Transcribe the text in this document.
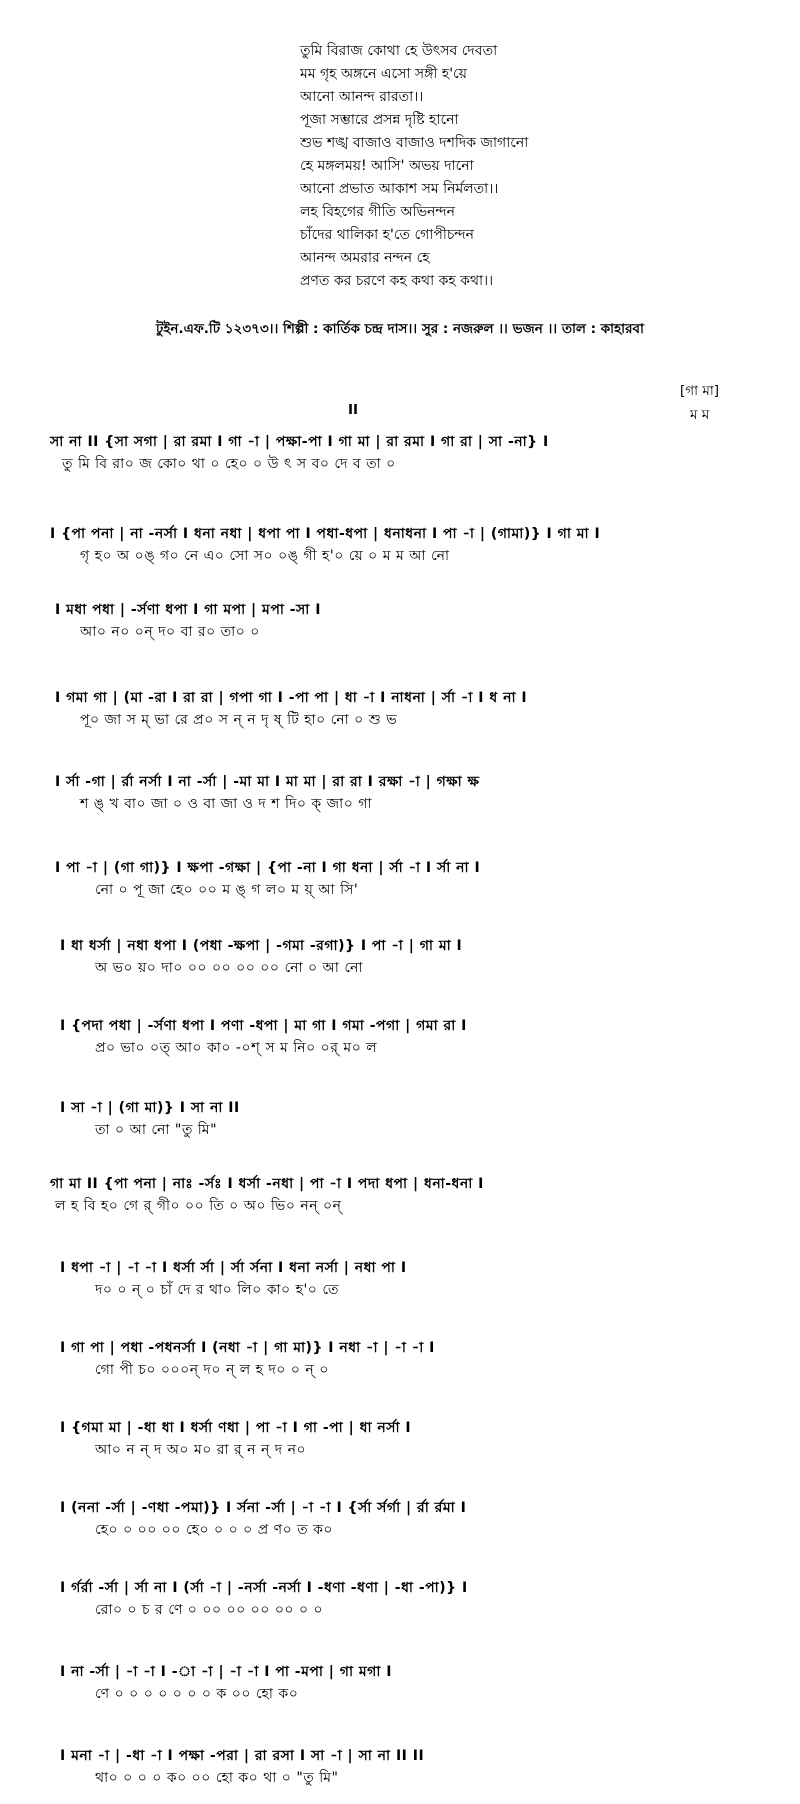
তুমি বিরাজ কোথা হে উৎসব দেবতা
মম গৃহ অঙ্গনে এসো সঙ্গী হ'য়ে
আনো আনন্দ রারতা।।
পূজা সম্ভারে প্রসন্ন দৃষ্টি হানো
শুভ শঙ্খ বাজাও বাজাও দশদিক জাগানো
হে মঙ্গলময়! আসি' অভয় দানো
আনো প্রভাত আকাশ সম নির্মলতা।।
লহ বিহগের গীতি অভিনন্দন
চাঁদের থালিকা হ'তে গোপীচন্দন
আনন্দ অমরার নন্দন হে
প্রণত কর চরণে কহ কথা কহ কথা।।
টুইন.এফ.টি ১২৩৭৩।। শিল্পী : কার্তিক চন্দ্র দাস।। সুর : নজরুল ।। ভজন ।। তাল : কাহারবা
[গা মা]
II	ম ম
সা না II {সা সগা | রা রমা I গা -া | পক্ষা-পা I গা মা | রা রমা I গা রা | সা -না} I
তু মি বি রা০ জ কো০ থা ০ হে০ ০ উ ৎ স ব০ দে ব তা ০
I {পা পনা | না -নর্সা I ধনা নধা | ধপা পা I পধা-ধপা | ধনাধনা I পা -া | (গামা)} I গা মা I
গৃ হ০ অ ০ঙ্ গ০ নে এ০ সো স০ ০ঙ্ গী হ'০ য়ে ০ ম ম আ নো
I মধা পধা | -র্সণা ধপা I গা মপা | মপা -সা I
আ০ ন০ ০ন্ দ০ বা র০ তা০ ০
I গমা গা | (মা -রা I রা রা | গপা গা I -পা পা | ধা -া I নাধনা | র্সা -া I ধ না I
পূ০ জা স ম্ ভা রে প্র০ স ন্ ন দৃ ষ্ টি হা০ নো ০ শু ভ
I র্সা -গা | র্রা নর্সা I না -র্সা | -মা মা I মা মা | রা রা I রক্ষা -া | গক্ষা ক্ষ
শ ঙ্ খ বা০ জা ০ ও বা জা ও দ শ দি০ ক্ জা০ গা
I পা -া | (গা গা)} I ক্ষপা -গক্ষা | {পা -না I গা ধনা | র্সা -া I র্সা না I
নো ০ পূ জা হে০ ০০ ম ঙ্ গ ল০ ম য়্ আ সি'
I ধা ধর্সা | নধা ধপা I (পধা -ক্ষপা | -গমা -রগা)} I পা -া | গা মা I
অ ভ০ য়০ দা০ ০০ ০০ ০০ ০০ নো ০ আ নো
I {পদা পধা | -র্সণা ধপা I পণা -ধপা | মা গা I গমা -পগা | গমা রা I
প্র০ ভা০ ০ত্ আ০ কা০ -০শ্ স ম নি০ ০র্ ম০ ল
I সা -া | (গা মা)} I সা না II
তা ০ আ নো "তু মি"
গা মা II {পা পনা | নাঃ -র্সঃ I ধর্সা -নধা | পা -া I পদা ধপা | ধনা-ধনা I
ল হ বি হ০ গে র্ গী০ ০০ তি ০ অ০ ভি০ নন্ ০ন্
I ধপা -া | -া -া I ধর্সা র্সা | র্সা র্সনা I ধনা নর্সা | নধা পা I
দ০ ০ ন্ ০ চাঁ দে র থা০ লি০ কা০ হ'০ তে
I গা পা | পধা -পধনর্সা I (নধা -া | গা মা)} I নধা -া | -া -া I
গো পী চ০ ০০০ন্ দ০ ন্ ল হ দ০ ০ ন্ ০
I {গমা মা | -ধা ধা I ধর্সা ণধা | পা -া I গা -পা | ধা নর্সা I
আ০ ন ন্ দ অ০ ম০ রা র্ ন ন্ দ ন০
I (ননা -র্সা | -ণধা -পমা)} I র্সনা -র্সা | -া -া I {র্সা র্সর্গা | র্রা র্রমা I
হে০ ০ ০০ ০০ হে০ ০ ০ ০ প্র ণ০ ত ক০
I র্গর্রা -র্সা | র্সা না I (র্সা -া | -নর্সা -নর্সা I -ধণা -ধণা | -ধা -পা)} I
রো০ ০ চ র ণে ০ ০০ ০০ ০০ ০০ ০ ০
I না -র্সা | -া -া I -া -া | -া -া I পা -মপা | গা মগা I
ণে ০ ০ ০ ০ ০ ০ ০ ক ০০ হো ক০
I মনা -া | -ধা -া I পক্ষা -পরা | রা রসা I সা -া | সা না II II
থা০ ০ ০ ০ ক০ ০০ হো ক০ থা ০ "তু মি"
